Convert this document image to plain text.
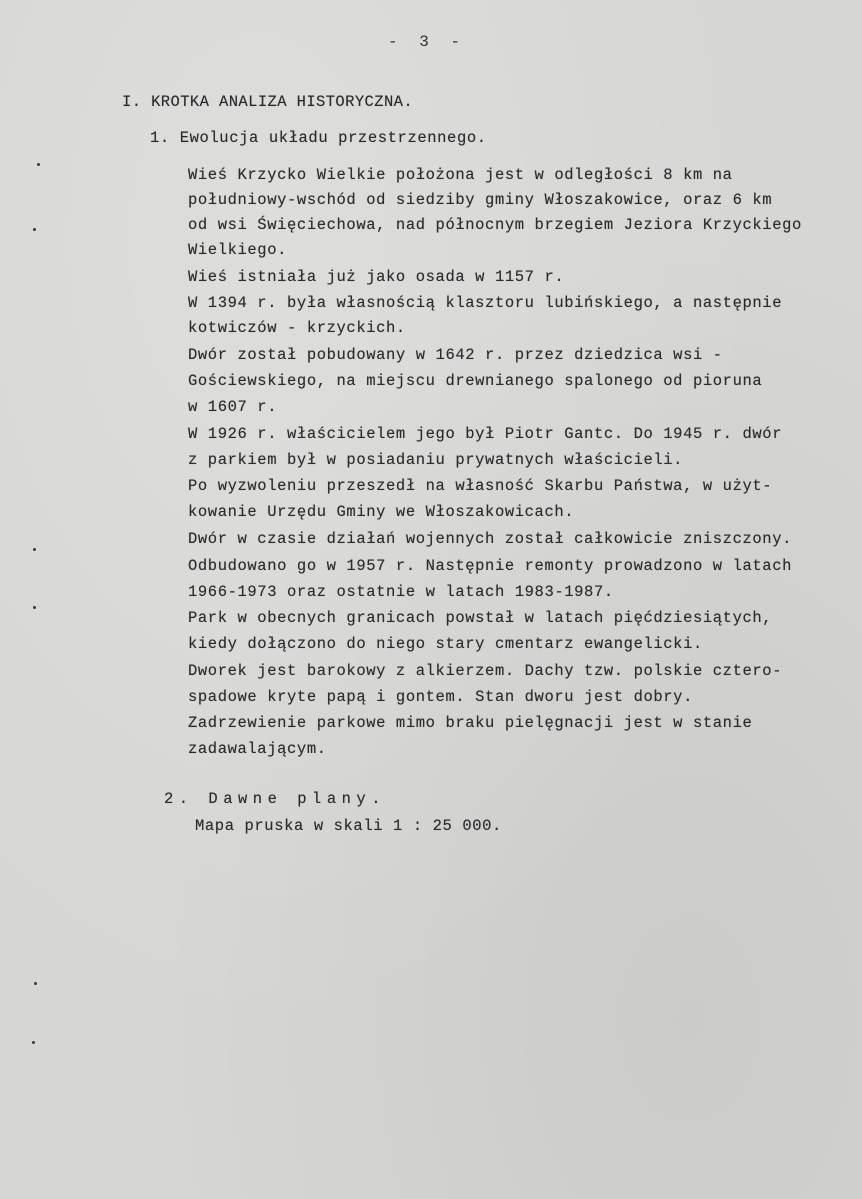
- 3 -
I. KROTKA ANALIZA HISTORYCZNA.
1. Ewolucja układu przestrzennego.
Wieś Krzycko Wielkie położona jest w odległości 8 km na
południowy-wschód od siedziby gminy Włoszakowice, oraz 6 km
od wsi Święciechowa, nad północnym brzegiem Jeziora Krzyckiego
Wielkiego.
Wieś istniała już jako osada w 1157 r.
W 1394 r. była własnością klasztoru lubińskiego, a następnie
kotwiczów - krzyckich.
Dwór został pobudowany w 1642 r. przez dziedzica wsi -
Gościewskiego, na miejscu drewnianego spalonego od pioruna
w 1607 r.
W 1926 r. właścicielem jego był Piotr Gantc. Do 1945 r. dwór
z parkiem był w posiadaniu prywatnych właścicieli.
Po wyzwoleniu przeszedł na własność Skarbu Państwa, w użyt-
kowanie Urzędu Gminy we Włoszakowicach.
Dwór w czasie działań wojennych został całkowicie zniszczony.
Odbudowano go w 1957 r. Następnie remonty prowadzono w latach
1966-1973 oraz ostatnie w latach 1983-1987.
Park w obecnych granicach powstał w latach pięćdziesiątych,
kiedy dołączono do niego stary cmentarz ewangelicki.
Dworek jest barokowy z alkierzem. Dachy tzw. polskie cztero-
spadowe kryte papą i gontem. Stan dworu jest dobry.
Zadrzewienie parkowe mimo braku pielęgnacji jest w stanie
zadawalającym.
2. Dawne plany.
Mapa pruska w skali 1 : 25 000.
